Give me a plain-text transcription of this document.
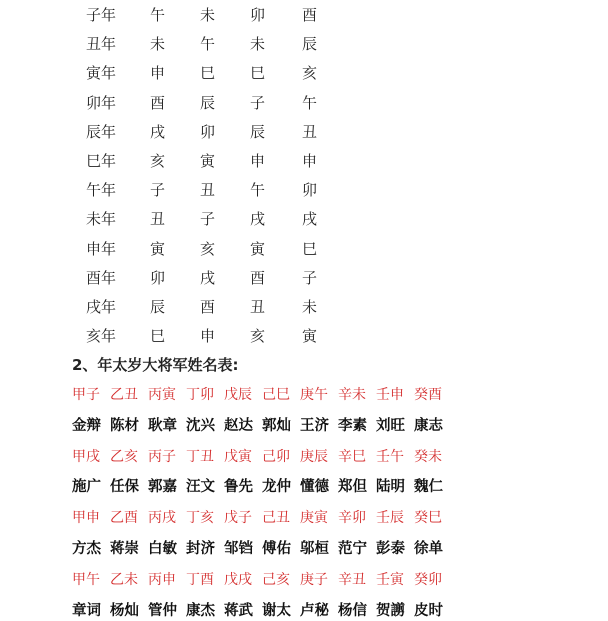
子年 午 未 卯 酉
丑年 未 午 未 辰
寅年 申 巳 巳 亥
卯年 酉 辰 子 午
辰年 戌 卯 辰 丑
巳年 亥 寅 申 申
午年 子 丑 午 卯
未年 丑 子 戌 戌
申年 寅 亥 寅 巳
酉年 卯 戌 酉 子
戌年 辰 酉 丑 未
亥年 巳 申 亥 寅
2、年太岁大将军姓名表:
甲子 乙丑 丙寅 丁卯 戊辰 己巳 庚午 辛未 壬申 癸酉
金辩 陈材 耿章 沈兴 赵达 郭灿 王济 李素 刘旺 康志
甲戌 乙亥 丙子 丁丑 戊寅 己卯 庚辰 辛巳 壬午 癸未
施广 任保 郭嘉 汪文 鲁先 龙仲 懂德 郑但 陆明 魏仁
甲申 乙酉 丙戌 丁亥 戊子 己丑 庚寅 辛卯 壬辰 癸巳
方杰 蒋崇 白敏 封济 邹铛 傅佑 邬桓 范宁 彭泰 徐单
甲午 乙未 丙申 丁酉 戊戌 己亥 庚子 辛丑 壬寅 癸卯
章词 杨灿 管仲 康杰 蒋武 谢太 卢秘 杨信 贺謭 皮时
